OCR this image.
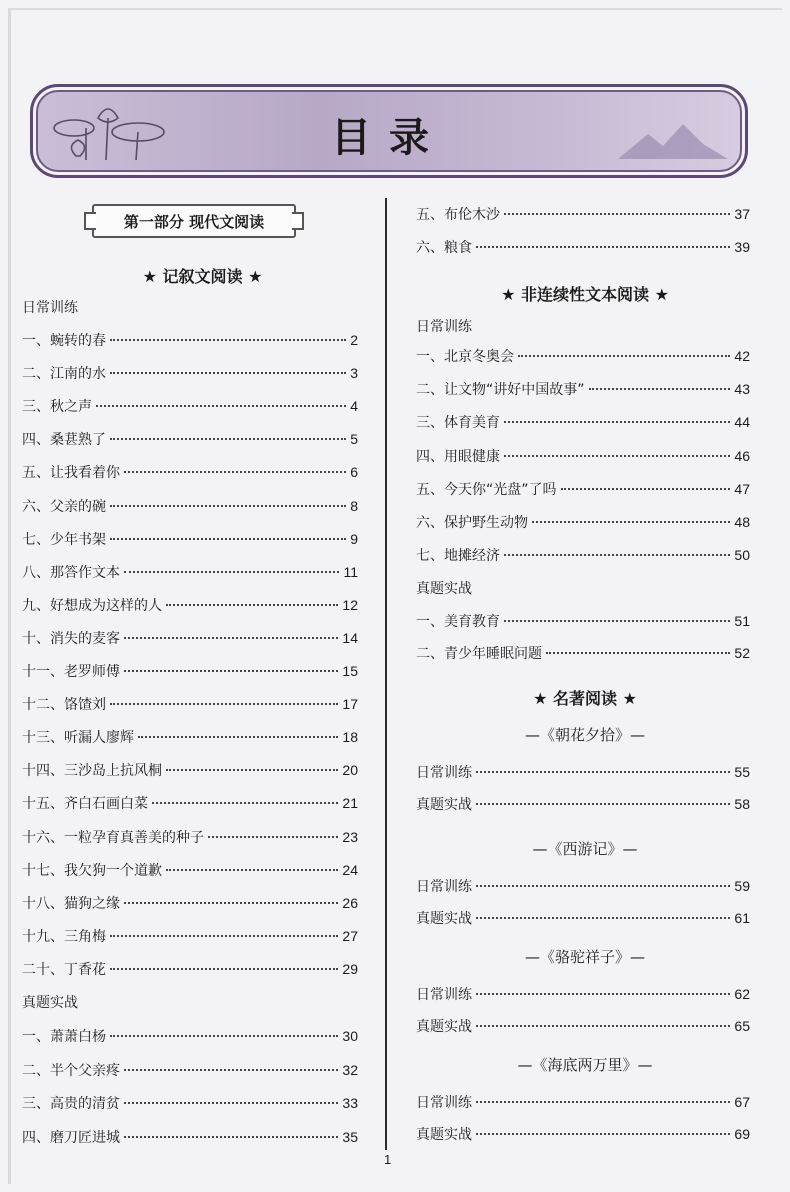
目录
第一部分 现代文阅读
★ 记叙文阅读 ★
日常训练
一、蜿转的春	2
二、江南的水	3
三、秋之声	4
四、桑葚熟了	5
五、让我看着你	6
六、父亲的碗	8
七、少年书架	9
八、那答作文本	11
九、好想成为这样的人	12
十、消失的麦客	14
十一、老罗师傅	15
十二、饹馇刘	17
十三、听漏人廖辉	18
十四、三沙岛上抗风桐	20
十五、齐白石画白菜	21
十六、一粒孕育真善美的种子	23
十七、我欠狗一个道歉	24
十八、猫狗之缘	26
十九、三角梅	27
二十、丁香花	29
真题实战
一、萧萧白杨	30
二、半个父亲疼	32
三、高贵的清贫	33
四、磨刀匠进城	35
五、布伦木沙	37
六、粮食	39
★ 非连续性文本阅读 ★
日常训练
一、北京冬奥会	42
二、让文物“讲好中国故事”	43
三、体育美育	44
四、用眼健康	46
五、今天你“光盘”了吗	47
六、保护野生动物	48
七、地摊经济	50
真题实战
一、美育教育	51
二、青少年睡眠问题	52
★ 名著阅读 ★
—《朝花夕拾》—
日常训练	55
真题实战	58
—《西游记》—
日常训练	59
真题实战	61
—《骆驼祥子》—
日常训练	62
真题实战	65
—《海底两万里》—
日常训练	67
真题实战	69
1
